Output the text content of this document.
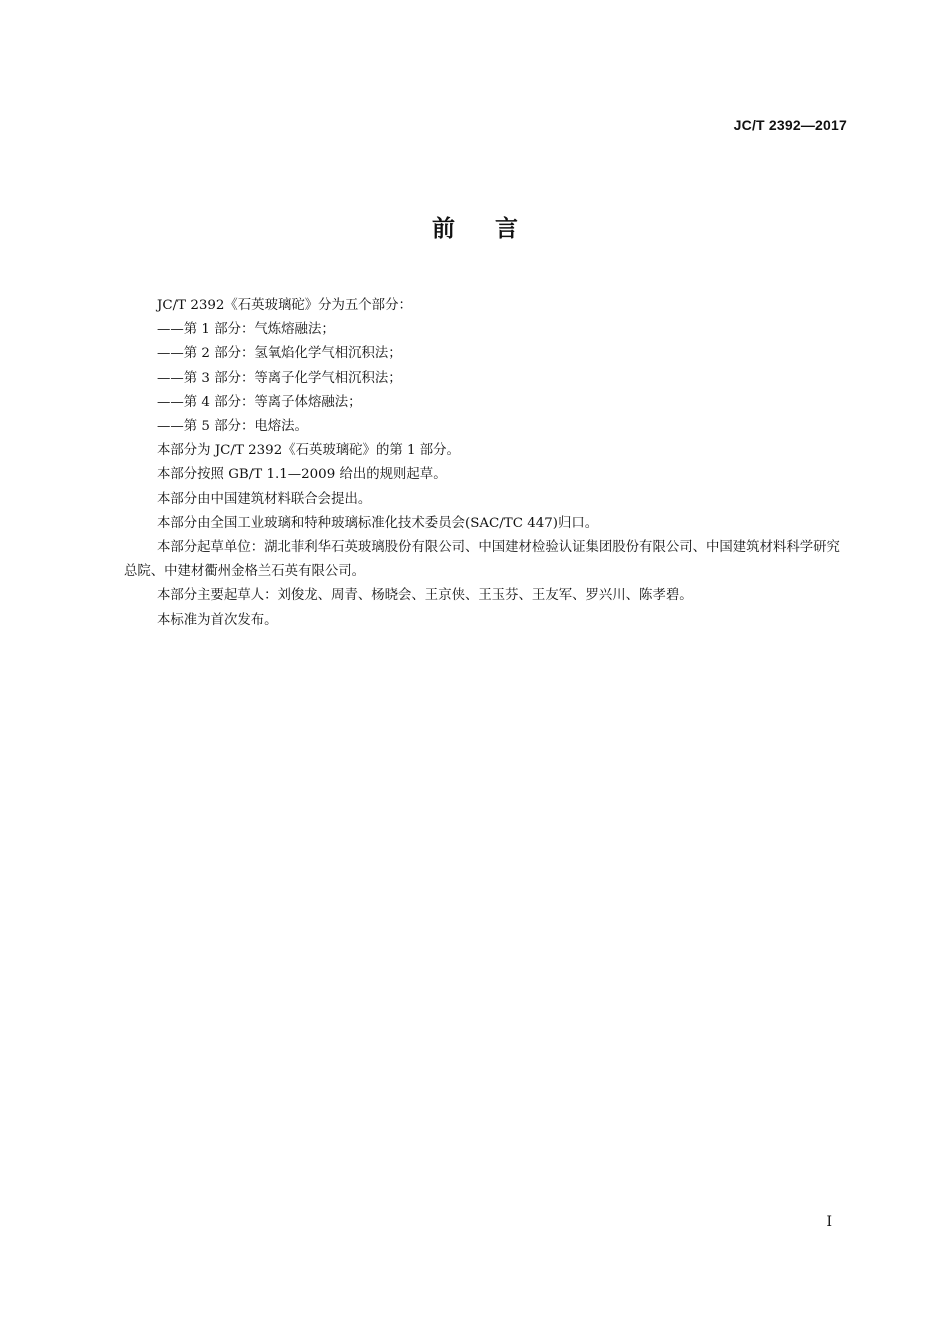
JC/T 2392—2017
前言

JC/T 2392《石英玻璃砣》分为五个部分：

——第 1 部分：气炼熔融法；

——第 2 部分：氢氧焰化学气相沉积法；

——第 3 部分：等离子化学气相沉积法；

——第 4 部分：等离子体熔融法；

——第 5 部分：电熔法。

本部分为 JC/T 2392《石英玻璃砣》的第 1 部分。

本部分按照 GB/T 1.1—2009 给出的规则起草。

本部分由中国建筑材料联合会提出。

本部分由全国工业玻璃和特种玻璃标准化技术委员会(SAC/TC 447)归口。

本部分起草单位：湖北菲利华石英玻璃股份有限公司、中国建材检验认证集团股份有限公司、中国建筑材料科学研究总院、中建材衢州金格兰石英有限公司。

本部分主要起草人：刘俊龙、周青、杨晓会、王京侠、王玉芬、王友军、罗兴川、陈孝碧。

本标准为首次发布。

I
